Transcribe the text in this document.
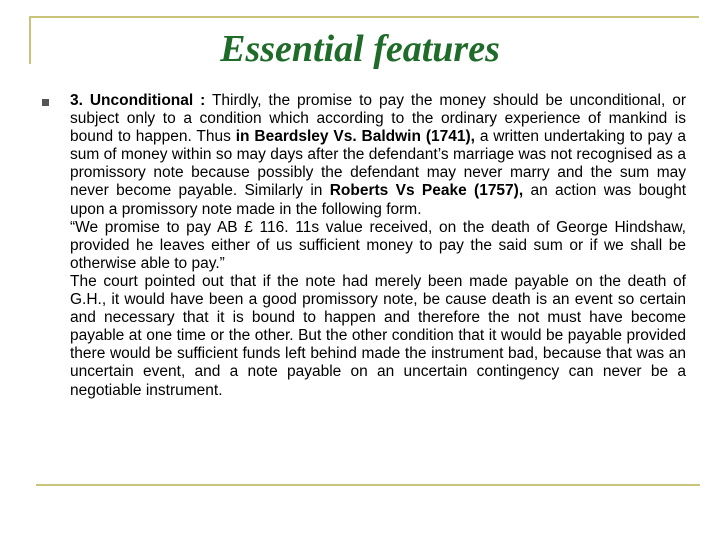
Essential features

3. Unconditional : Thirdly, the promise to pay the money should be unconditional, or subject only to a condition which according to the ordinary experience of mankind is bound to happen. Thus in Beardsley Vs. Baldwin (1741), a written undertaking to pay a sum of money within so may days after the defendant’s marriage was not recognised as a promissory note because possibly the defendant may never marry and the sum may never become payable. Similarly in Roberts Vs Peake (1757), an action was bought upon a promissory note made in the following form.

“We promise to pay AB £ 116. 11s value received, on the death of George Hindshaw, provided he leaves either of us sufficient money to pay the said sum or if we shall be otherwise able to pay.”

The court pointed out that if the note had merely been made payable on the death of G.H., it would have been a good promissory note, be cause death is an event so certain and necessary that it is bound to happen and therefore the not must have become payable at one time or the other. But the other condition that it would be payable provided there would be sufficient funds left behind made the instrument bad, because that was an uncertain event, and a note payable on an uncertain contingency can never be a negotiable instrument.
